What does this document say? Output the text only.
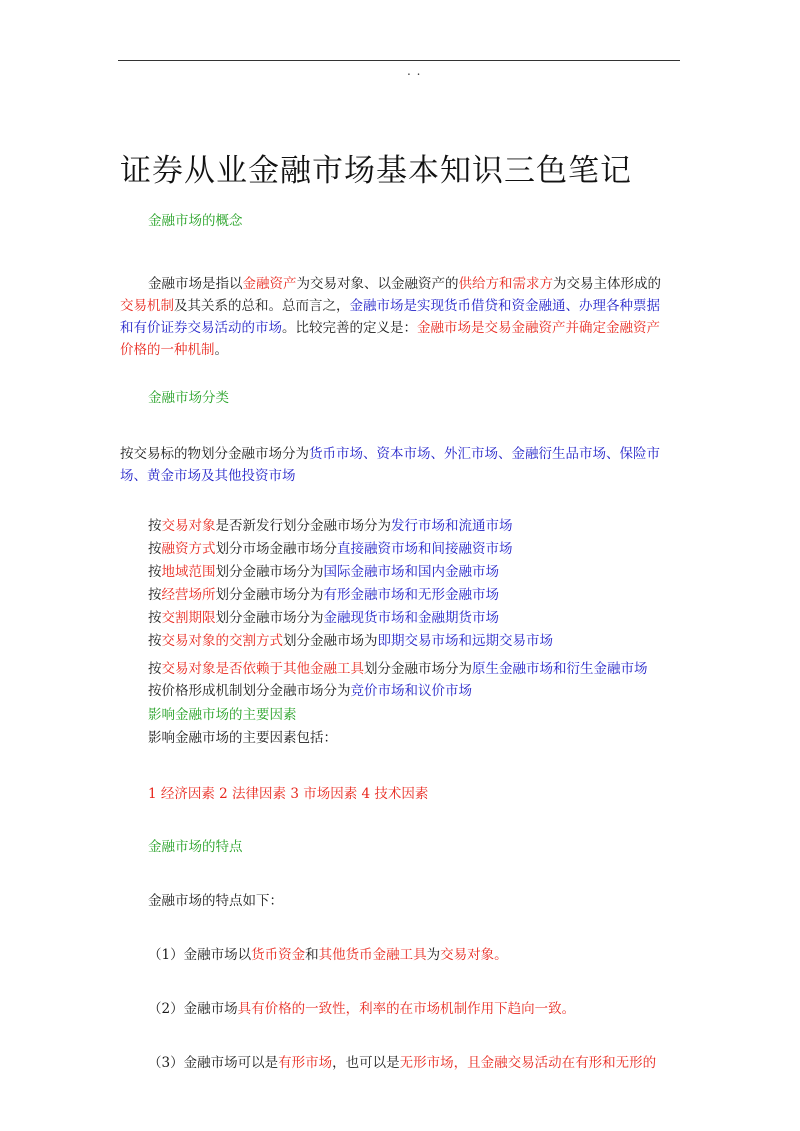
. .
证券从业金融市场基本知识三色笔记

金融市场的概念

金融市场是指以金融资产为交易对象、以金融资产的供给方和需求方为交易主体形成的

交易机制及其关系的总和。总而言之，金融市场是实现货币借贷和资金融通、办理各种票据

和有价证券交易活动的市场。比较完善的定义是：金融市场是交易金融资产并确定金融资产

价格的一种机制。

金融市场分类

按交易标的物划分金融市场分为货币市场、资本市场、外汇市场、金融衍生品市场、保险市

场、黄金市场及其他投资市场

按交易对象是否新发行划分金融市场分为发行市场和流通市场

按融资方式划分市场金融市场分直接融资市场和间接融资市场

按地域范围划分金融市场分为国际金融市场和国内金融市场

按经营场所划分金融市场分为有形金融市场和无形金融市场

按交割期限划分金融市场分为金融现货市场和金融期货市场

按交易对象的交割方式划分金融市场为即期交易市场和远期交易市场

按交易对象是否依赖于其他金融工具划分金融市场分为原生金融市场和衍生金融市场

按价格形成机制划分金融市场分为竞价市场和议价市场

影响金融市场的主要因素

影响金融市场的主要因素包括：

1 经济因素 2 法律因素 3 市场因素 4 技术因素

金融市场的特点

金融市场的特点如下：

（1）金融市场以货币资金和其他货币金融工具为交易对象。

（2）金融市场具有价格的一致性，利率的在市场机制作用下趋向一致。

（3）金融市场可以是有形市场，也可以是无形市场，且金融交易活动在有形和无形的
